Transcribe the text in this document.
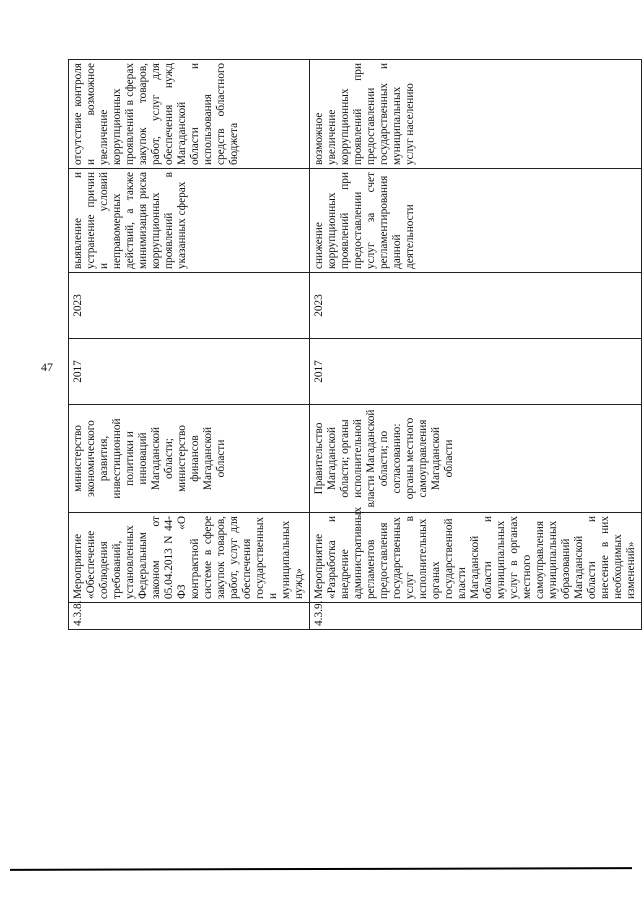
47
4.3.8.	Мероприятие «Обеспечение соблюдения требований, установленных Федеральным законом от 05.04.2013 N 44-ФЗ «О контрактной системе в сфере закупок товаров, работ, услуг для обеспечения государственных и муниципальных нужд»	министерство экономического развития, инвестиционной политики и инноваций Магаданской области; министерство финансов Магаданской области	2017	2023	выявление и устранение причин и условий неправомерных действий, а также минимизация риска коррупционных проявлений в указанных сферах	отсутствие контроля и возможное увеличение коррупционных проявлений в сферах закупок товаров, работ, услуг для обеспечения нужд Магаданской области и использования средств областного бюджета
4.3.9.	Мероприятие «Разработка и внедрение административных регламентов предоставления государственных услуг в исполнительных органах государственной власти Магаданской области и муниципальных услуг в органах местного самоуправления муниципальных образований Магаданской области и внесение в них необходимых изменений»	Правительство Магаданской области; органы исполнительной власти Магаданской области; по согласованию: органы местного самоуправления Магаданской области	2017	2023	снижение коррупционных проявлений при предоставлении услуг за счет регламентирования данной деятельности	возможное увеличение коррупционных проявлений при предоставлении государственных и муниципальных услуг населению
